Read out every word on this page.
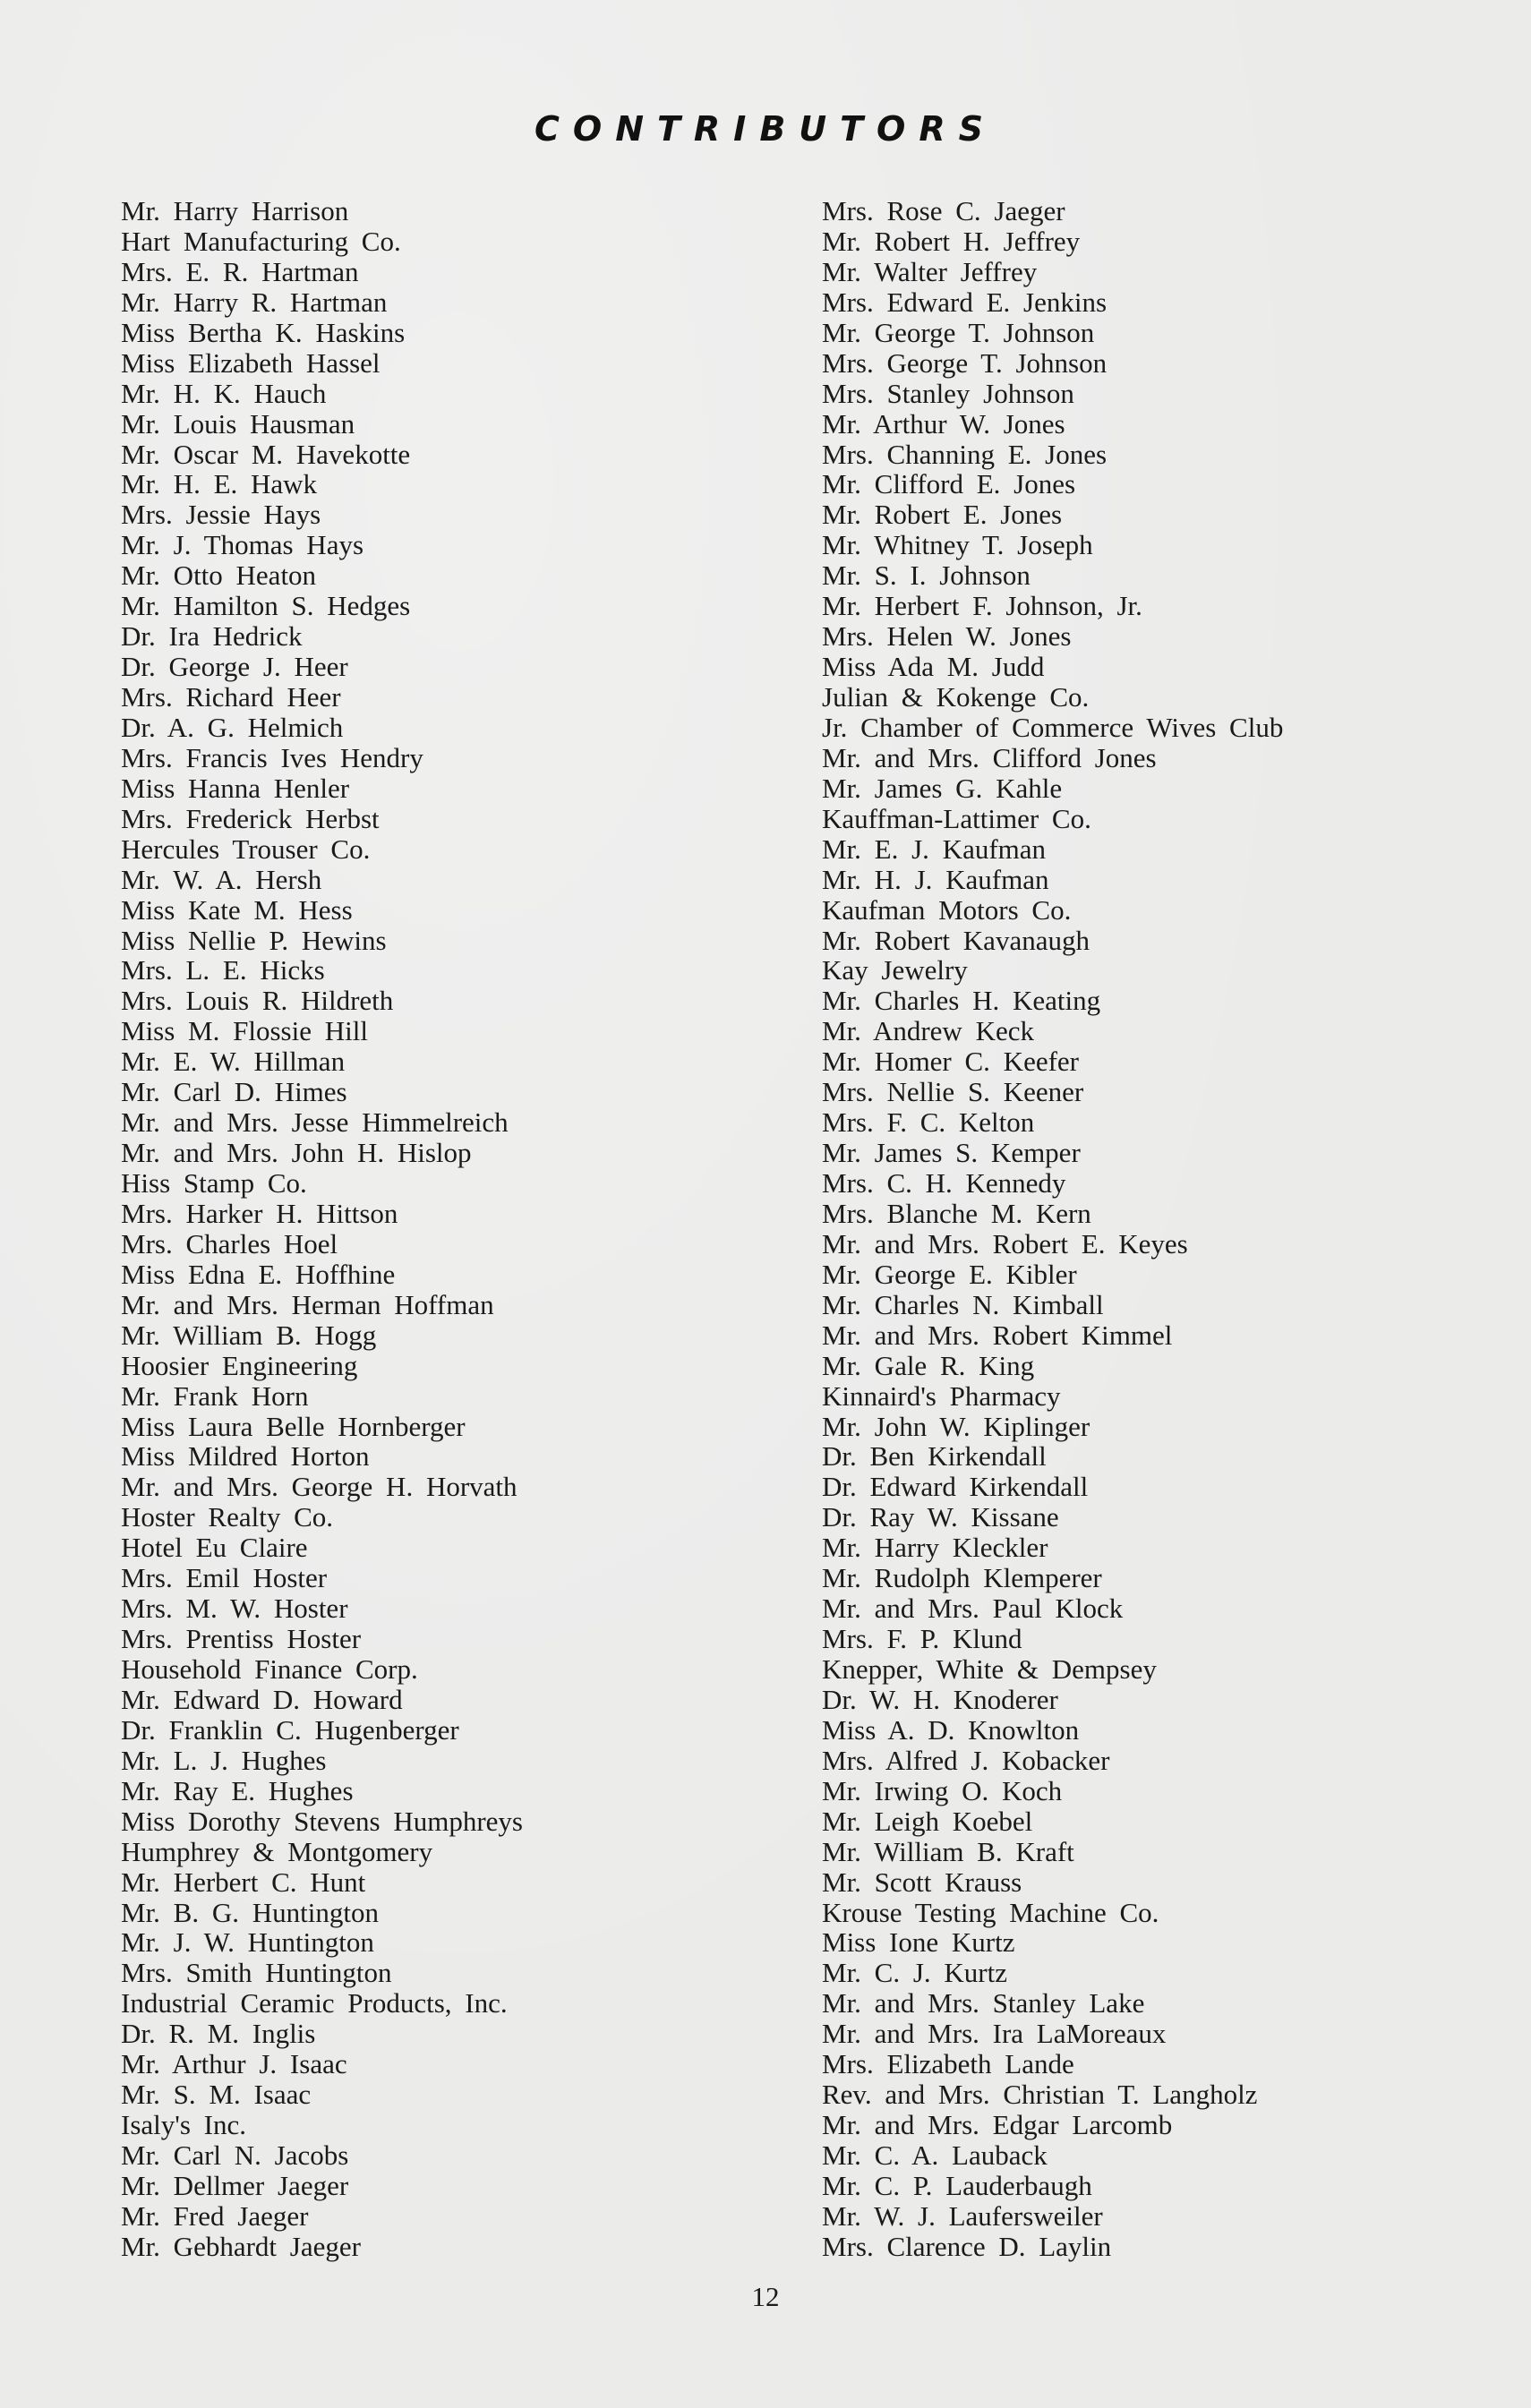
CONTRIBUTORS
Mr. Harry Harrison
Hart Manufacturing Co.
Mrs. E. R. Hartman
Mr. Harry R. Hartman
Miss Bertha K. Haskins
Miss Elizabeth Hassel
Mr. H. K. Hauch
Mr. Louis Hausman
Mr. Oscar M. Havekotte
Mr. H. E. Hawk
Mrs. Jessie Hays
Mr. J. Thomas Hays
Mr. Otto Heaton
Mr. Hamilton S. Hedges
Dr. Ira Hedrick
Dr. George J. Heer
Mrs. Richard Heer
Dr. A. G. Helmich
Mrs. Francis Ives Hendry
Miss Hanna Henler
Mrs. Frederick Herbst
Hercules Trouser Co.
Mr. W. A. Hersh
Miss Kate M. Hess
Miss Nellie P. Hewins
Mrs. L. E. Hicks
Mrs. Louis R. Hildreth
Miss M. Flossie Hill
Mr. E. W. Hillman
Mr. Carl D. Himes
Mr. and Mrs. Jesse Himmelreich
Mr. and Mrs. John H. Hislop
Hiss Stamp Co.
Mrs. Harker H. Hittson
Mrs. Charles Hoel
Miss Edna E. Hoffhine
Mr. and Mrs. Herman Hoffman
Mr. William B. Hogg
Hoosier Engineering
Mr. Frank Horn
Miss Laura Belle Hornberger
Miss Mildred Horton
Mr. and Mrs. George H. Horvath
Hoster Realty Co.
Hotel Eu Claire
Mrs. Emil Hoster
Mrs. M. W. Hoster
Mrs. Prentiss Hoster
Household Finance Corp.
Mr. Edward D. Howard
Dr. Franklin C. Hugenberger
Mr. L. J. Hughes
Mr. Ray E. Hughes
Miss Dorothy Stevens Humphreys
Humphrey & Montgomery
Mr. Herbert C. Hunt
Mr. B. G. Huntington
Mr. J. W. Huntington
Mrs. Smith Huntington
Industrial Ceramic Products, Inc.
Dr. R. M. Inglis
Mr. Arthur J. Isaac
Mr. S. M. Isaac
Isaly's Inc.
Mr. Carl N. Jacobs
Mr. Dellmer Jaeger
Mr. Fred Jaeger
Mr. Gebhardt Jaeger
Mrs. Rose C. Jaeger
Mr. Robert H. Jeffrey
Mr. Walter Jeffrey
Mrs. Edward E. Jenkins
Mr. George T. Johnson
Mrs. George T. Johnson
Mrs. Stanley Johnson
Mr. Arthur W. Jones
Mrs. Channing E. Jones
Mr. Clifford E. Jones
Mr. Robert E. Jones
Mr. Whitney T. Joseph
Mr. S. I. Johnson
Mr. Herbert F. Johnson, Jr.
Mrs. Helen W. Jones
Miss Ada M. Judd
Julian & Kokenge Co.
Jr. Chamber of Commerce Wives Club
Mr. and Mrs. Clifford Jones
Mr. James G. Kahle
Kauffman-Lattimer Co.
Mr. E. J. Kaufman
Mr. H. J. Kaufman
Kaufman Motors Co.
Mr. Robert Kavanaugh
Kay Jewelry
Mr. Charles H. Keating
Mr. Andrew Keck
Mr. Homer C. Keefer
Mrs. Nellie S. Keener
Mrs. F. C. Kelton
Mr. James S. Kemper
Mrs. C. H. Kennedy
Mrs. Blanche M. Kern
Mr. and Mrs. Robert E. Keyes
Mr. George E. Kibler
Mr. Charles N. Kimball
Mr. and Mrs. Robert Kimmel
Mr. Gale R. King
Kinnaird's Pharmacy
Mr. John W. Kiplinger
Dr. Ben Kirkendall
Dr. Edward Kirkendall
Dr. Ray W. Kissane
Mr. Harry Kleckler
Mr. Rudolph Klemperer
Mr. and Mrs. Paul Klock
Mrs. F. P. Klund
Knepper, White & Dempsey
Dr. W. H. Knoderer
Miss A. D. Knowlton
Mrs. Alfred J. Kobacker
Mr. Irwing O. Koch
Mr. Leigh Koebel
Mr. William B. Kraft
Mr. Scott Krauss
Krouse Testing Machine Co.
Miss Ione Kurtz
Mr. C. J. Kurtz
Mr. and Mrs. Stanley Lake
Mr. and Mrs. Ira LaMoreaux
Mrs. Elizabeth Lande
Rev. and Mrs. Christian T. Langholz
Mr. and Mrs. Edgar Larcomb
Mr. C. A. Lauback
Mr. C. P. Lauderbaugh
Mr. W. J. Laufersweiler
Mrs. Clarence D. Laylin
12
